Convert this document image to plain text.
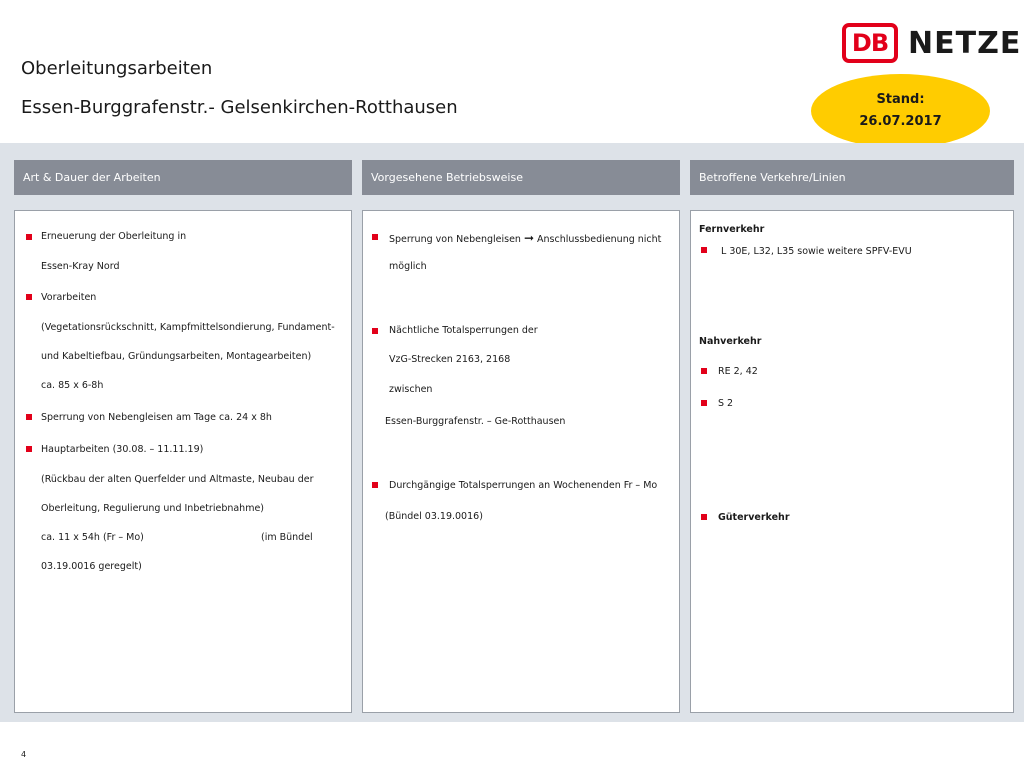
Oberleitungsarbeiten
Essen-Burggrafenstr.- Gelsenkirchen-Rotthausen
DB NETZE
Stand:
26.07.2017
Art & Dauer der Arbeiten	Vorgesehene Betriebsweise	Betroffene Verkehre/Linien
Erneuerung der Oberleitung in
Essen-Kray Nord
Vorarbeiten
(Vegetationsrückschnitt, Kampfmittelsondierung, Fundament-
und Kabeltiefbau, Gründungsarbeiten, Montagearbeiten)
ca. 85 x 6-8h
Sperrung von Nebengleisen am Tage ca. 24 x 8h
Hauptarbeiten (30.08. – 11.11.19)
(Rückbau der alten Querfelder und Altmaste, Neubau der
Oberleitung, Regulierung und Inbetriebnahme)
ca. 11 x 54h (Fr – Mo)	(im Bündel
03.19.0016 geregelt)
Sperrung von Nebengleisen ➞ Anschlussbedienung nicht
möglich
Nächtliche Totalsperrungen der
VzG-Strecken 2163, 2168
zwischen
Essen-Burggrafenstr. – Ge-Rotthausen
Durchgängige Totalsperrungen an Wochenenden Fr – Mo
(Bündel 03.19.0016)
Fernverkehr
L 30E, L32, L35 sowie weitere SPFV-EVU
Nahverkehr
RE 2, 42
S 2
Güterverkehr
4
